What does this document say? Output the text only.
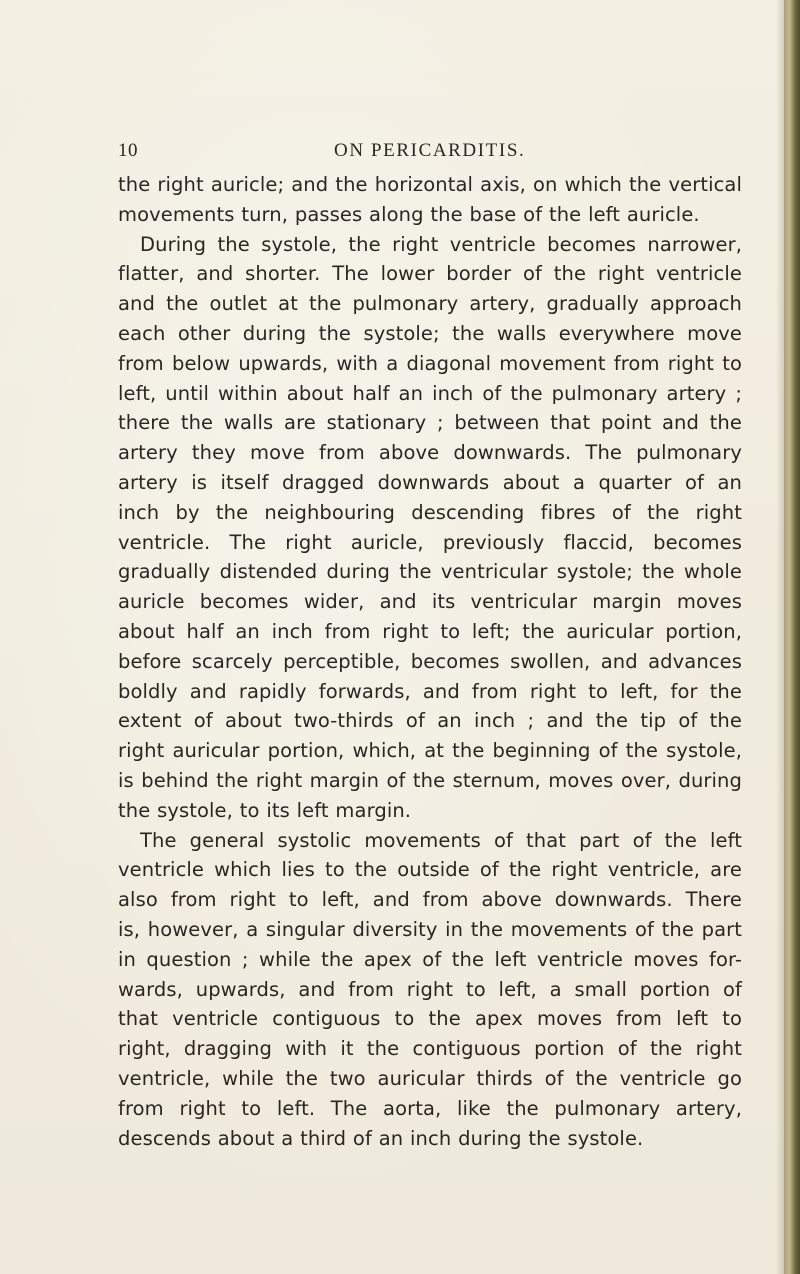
10	ON PERICARDITIS.
the right auricle; and the horizontal axis, on which the vertical
movements turn, passes along the base of the left auricle.
During the systole, the right ventricle becomes narrower,
flatter, and shorter. The lower border of the right ventricle
and the outlet at the pulmonary artery, gradually approach
each other during the systole; the walls everywhere move
from below upwards, with a diagonal movement from right to
left, until within about half an inch of the pulmonary artery ;
there the walls are stationary ; between that point and the
artery they move from above downwards. The pulmonary
artery is itself dragged downwards about a quarter of an
inch by the neighbouring descending fibres of the right
ventricle. The right auricle, previously flaccid, becomes
gradually distended during the ventricular systole; the whole
auricle becomes wider, and its ventricular margin moves
about half an inch from right to left; the auricular portion,
before scarcely perceptible, becomes swollen, and advances
boldly and rapidly forwards, and from right to left, for the
extent of about two-thirds of an inch ; and the tip of the
right auricular portion, which, at the beginning of the systole,
is behind the right margin of the sternum, moves over, during
the systole, to its left margin.
The general systolic movements of that part of the left
ventricle which lies to the outside of the right ventricle, are
also from right to left, and from above downwards. There
is, however, a singular diversity in the movements of the part
in question ; while the apex of the left ventricle moves for-
wards, upwards, and from right to left, a small portion of
that ventricle contiguous to the apex moves from left to
right, dragging with it the contiguous portion of the right
ventricle, while the two auricular thirds of the ventricle go
from right to left. The aorta, like the pulmonary artery,
descends about a third of an inch during the systole.
